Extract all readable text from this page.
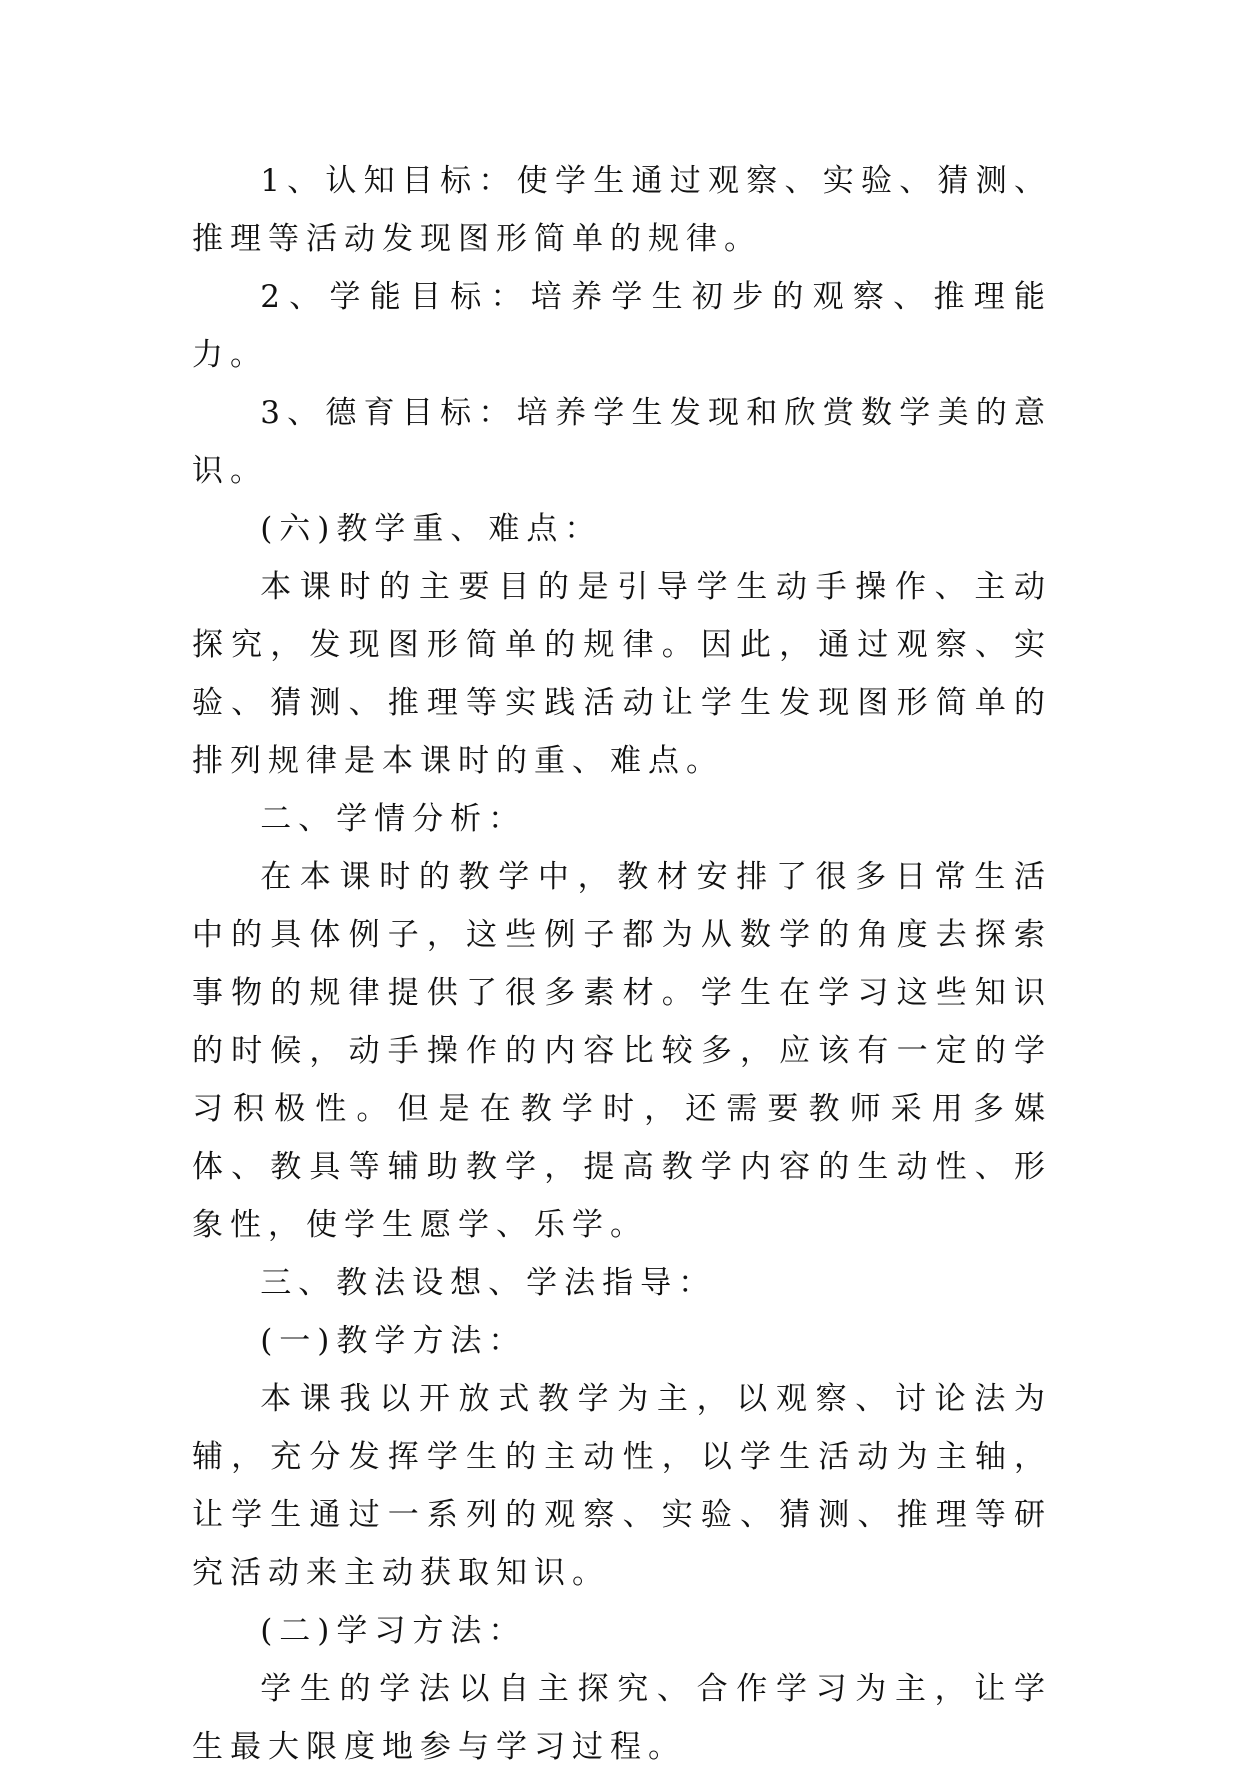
1、认知目标：使学生通过观察、实验、猜测、推理等活动发现图形简单的规律。

2、学能目标：培养学生初步的观察、推理能力。

3、德育目标：培养学生发现和欣赏数学美的意识。

(六)教学重、难点：

本课时的主要目的是引导学生动手操作、主动探究，发现图形简单的规律。因此，通过观察、实验、猜测、推理等实践活动让学生发现图形简单的排列规律是本课时的重、难点。

二、学情分析：

在本课时的教学中，教材安排了很多日常生活中的具体例子，这些例子都为从数学的角度去探索事物的规律提供了很多素材。学生在学习这些知识的时候，动手操作的内容比较多，应该有一定的学习积极性。但是在教学时，还需要教师采用多媒体、教具等辅助教学，提高教学内容的生动性、形象性，使学生愿学、乐学。

三、教法设想、学法指导：

(一)教学方法：

本课我以开放式教学为主，以观察、讨论法为辅，充分发挥学生的主动性，以学生活动为主轴，让学生通过一系列的观察、实验、猜测、推理等研究活动来主动获取知识。

(二)学习方法：

学生的学法以自主探究、合作学习为主，让学生最大限度地参与学习过程。
